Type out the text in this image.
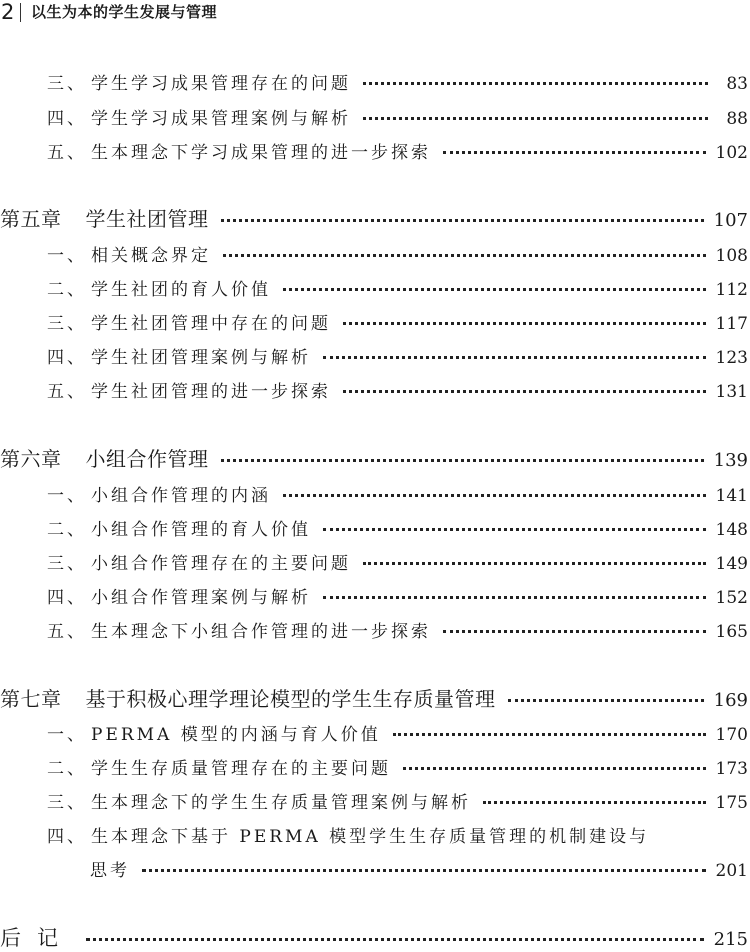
2 以生为本的学生发展与管理
三、 学生学习成果管理存在的问题	83
四、 学生学习成果管理案例与解析	88
五、 生本理念下学习成果管理的进一步探索	102
第五章 学生社团管理	107
一、 相关概念界定	108
二、 学生社团的育人价值	112
三、 学生社团管理中存在的问题	117
四、 学生社团管理案例与解析	123
五、 学生社团管理的进一步探索	131
第六章 小组合作管理	139
一、 小组合作管理的内涵	141
二、 小组合作管理的育人价值	148
三、 小组合作管理存在的主要问题	149
四、 小组合作管理案例与解析	152
五、 生本理念下小组合作管理的进一步探索	165
第七章 基于积极心理学理论模型的学生生存质量管理	169
一、 PERMA 模型的内涵与育人价值	170
二、 学生生存质量管理存在的主要问题	173
三、 生本理念下的学生生存质量管理案例与解析	175
四、 生本理念下基于 PERMA 模型学生生存质量管理的机制建设与
思考	201
后记	215
